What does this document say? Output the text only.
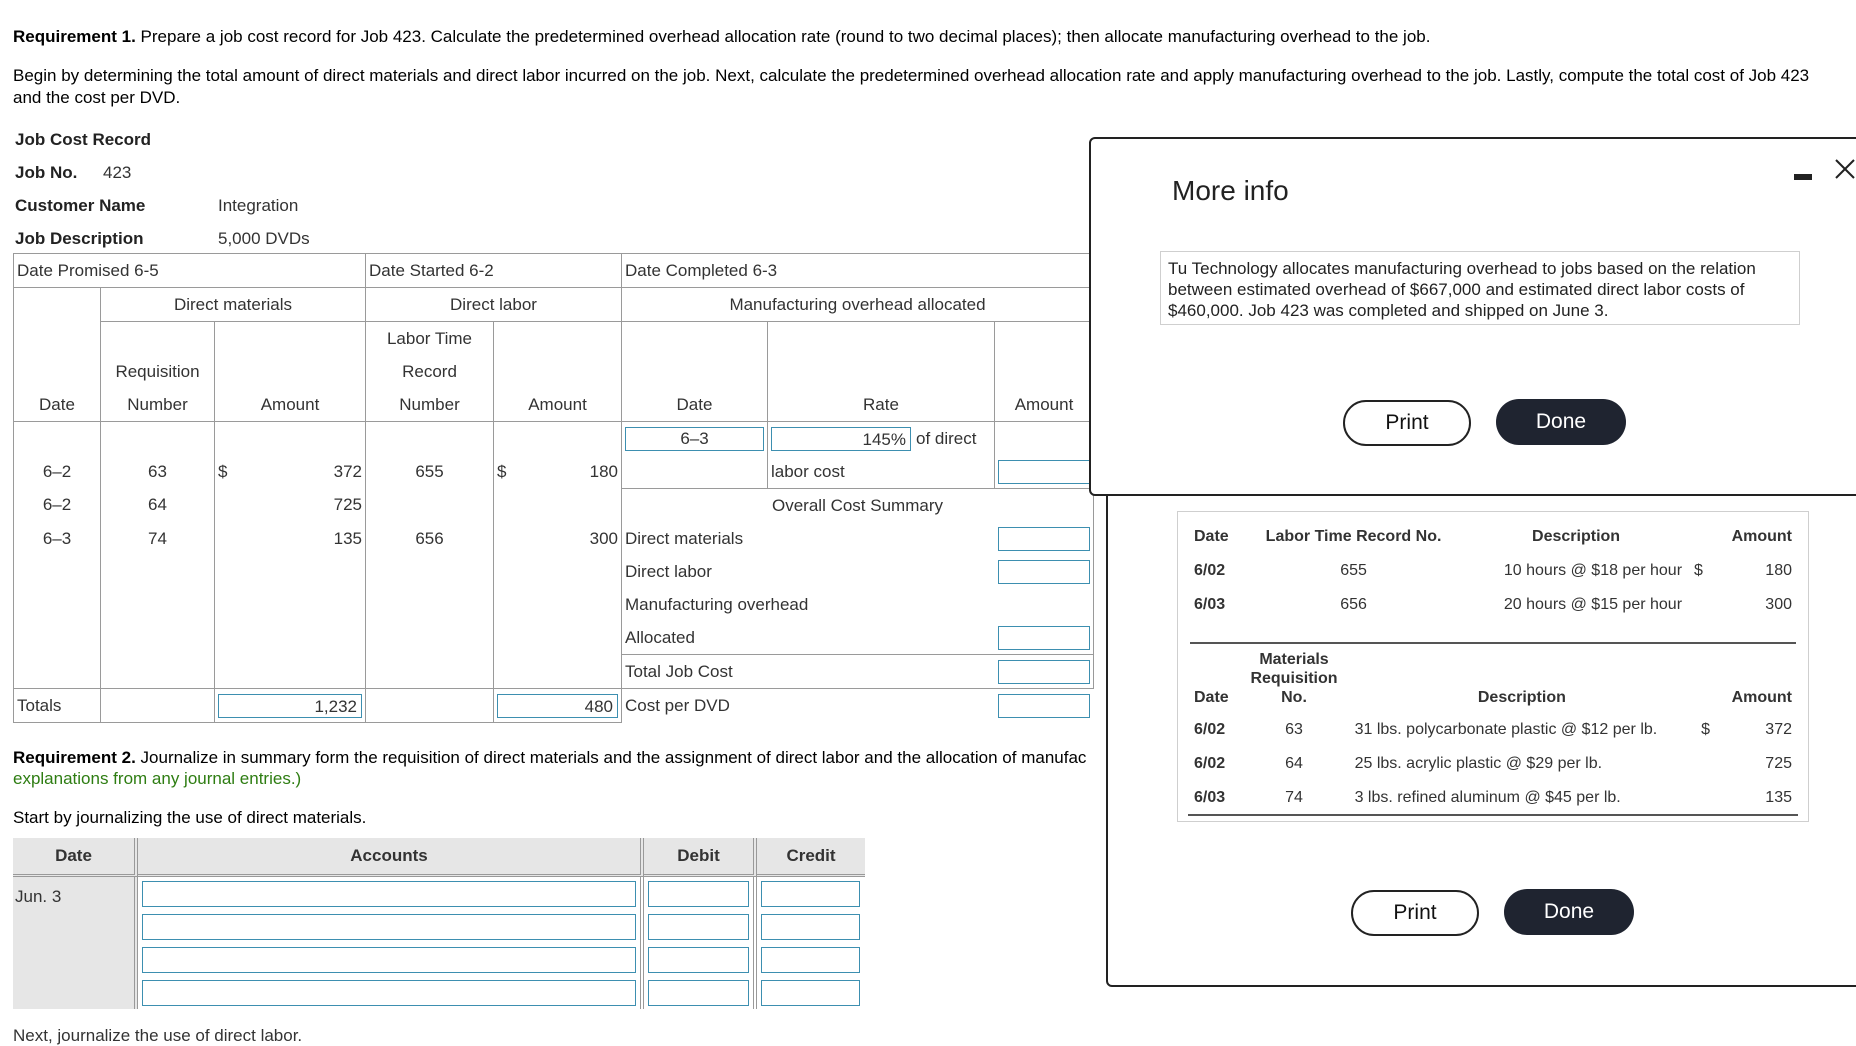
Requirement 1. Prepare a job cost record for Job 423. Calculate the predetermined overhead allocation rate (round to two decimal places); then allocate manufacturing overhead to the job.
Begin by determining the total amount of direct materials and direct labor incurred on the job. Next, calculate the predetermined overhead allocation rate and apply manufacturing overhead to the job. Lastly, compute the total cost of Job 423
and the cost per DVD.
Job Cost Record
Job No. 423
Customer Name	Integration
Job Description	5,000 DVDs
Date Promised 6-5			Date Started 6-2		Date Completed 6-3		
	Direct materials		Direct labor		Manufacturing overhead allocated		
			Labor Time				
	Requisition		Record				
Date	Number	Amount	Number	Amount	Date	Rate	Amount

					6–3	145% of direct	

6–2	63	$ 372	655	$ 180		labor cost	

6–2	64	725			Overall Cost Summary		
6–3	74	135	656	300	Direct materials		

					Direct labor		

					Manufacturing overhead		
					Allocated		

					Total Job Cost		

Totals		1,232		480	Cost per DVD		
Requirement 2. Journalize in summary form the requisition of direct materials and the assignment of direct labor and the allocation of manufac
explanations from any journal entries.)
Start by journalizing the use of direct materials.
Date	Accounts	Debit	Credit
Jun. 3	

Next, journalize the use of direct labor.
Date	Labor Time Record No.	Description		Amount
6/02	655	10 hours @ $18 per hour	$	180
6/03	656	20 hours @ $15 per hour		300
Date	Materials
Requisition
No.	Description		Amount
6/02	63	31 lbs. polycarbonate plastic @ $12 per lb.	$	372
6/02	64	25 lbs. acrylic plastic @ $29 per lb.		725
6/03	74	3 lbs. refined aluminum @ $45 per lb.		135
Print	Done
More info
Tu Technology allocates manufacturing overhead to jobs based on the relation
between estimated overhead of $667,000 and estimated direct labor costs of
$460,000. Job 423 was completed and shipped on June 3.
Print	Done
